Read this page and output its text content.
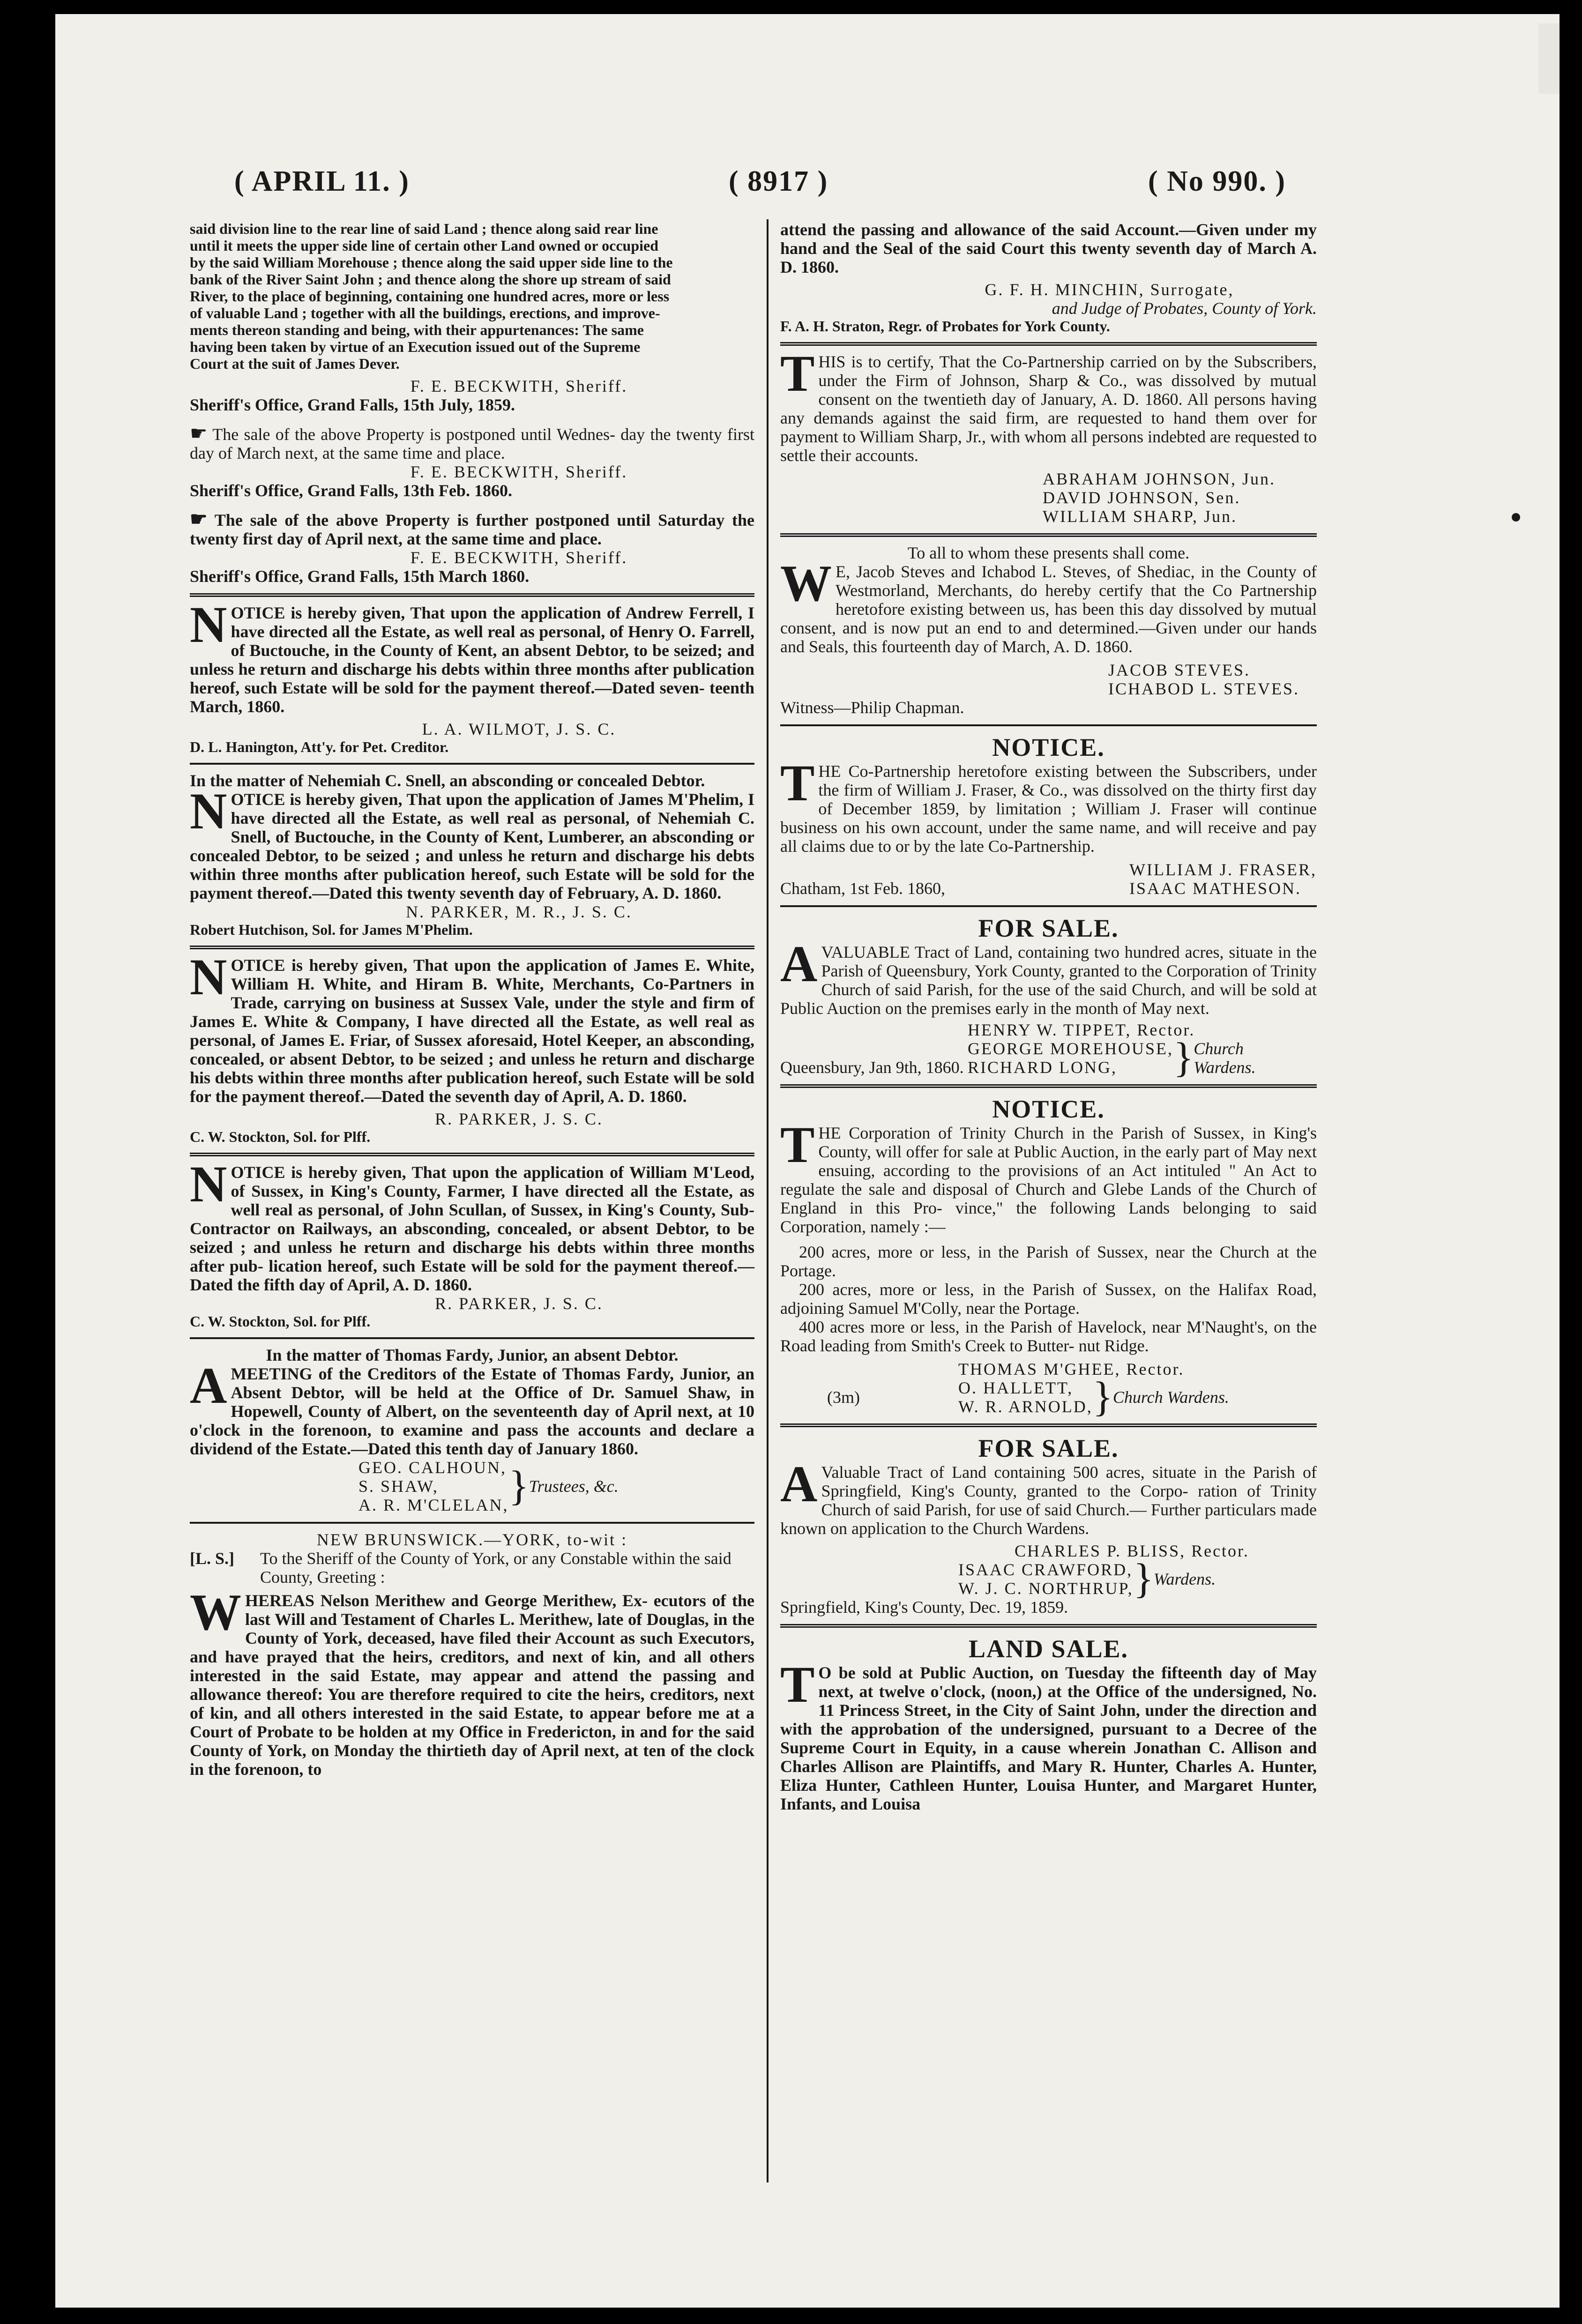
( APRIL 11. )	( 8917 )	( No 990. )
said division line to the rear line of said Land ; thence along said rear line
until it meets the upper side line of certain other Land owned or occupied
by the said William Morehouse ; thence along the said upper side line to the
bank of the River Saint John ; and thence along the shore up stream of said
River, to the place of beginning, containing one hundred acres, more or less
of valuable Land ; together with all the buildings, erections, and improve-
ments thereon standing and being, with their appurtenances: The same
having been taken by virtue of an Execution issued out of the Supreme
Court at the suit of James Dever.
F. E. BECKWITH, Sheriff.
Sheriff's Office, Grand Falls, 15th July, 1859.

☛ The sale of the above Property is postponed until Wednes- day the twenty first day of March next, at the same time and place.

F. E. BECKWITH, Sheriff.
Sheriff's Office, Grand Falls, 13th Feb. 1860.

☛ The sale of the above Property is further postponed until Saturday the twenty first day of April next, at the same time and place.

F. E. BECKWITH, Sheriff.
Sheriff's Office, Grand Falls, 15th March 1860.

NOTICE is hereby given, That upon the application of Andrew Ferrell, I have directed all the Estate, as well real as personal, of Henry O. Farrell, of Buctouche, in the County of Kent, an absent Debtor, to be seized; and unless he return and discharge his debts within three months after publication hereof, such Estate will be sold for the payment thereof.—Dated seven- teenth March, 1860.

L. A. WILMOT, J. S. C.
D. L. Hanington, Att'y. for Pet. Creditor.

In the matter of Nehemiah C. Snell, an absconding or concealed Debtor.

NOTICE is hereby given, That upon the application of James M'Phelim, I have directed all the Estate, as well real as personal, of Nehemiah C. Snell, of Buctouche, in the County of Kent, Lumberer, an absconding or concealed Debtor, to be seized ; and unless he return and discharge his debts within three months after publication hereof, such Estate will be sold for the payment thereof.—Dated this twenty seventh day of February, A. D. 1860.

N. PARKER, M. R., J. S. C.
Robert Hutchison, Sol. for James M'Phelim.

NOTICE is hereby given, That upon the application of James E. White, William H. White, and Hiram B. White, Merchants, Co-Partners in Trade, carrying on business at Sussex Vale, under the style and firm of James E. White & Company, I have directed all the Estate, as well real as personal, of James E. Friar, of Sussex aforesaid, Hotel Keeper, an absconding, concealed, or absent Debtor, to be seized ; and unless he return and discharge his debts within three months after publication hereof, such Estate will be sold for the payment thereof.—Dated the seventh day of April, A. D. 1860.

R. PARKER, J. S. C.
C. W. Stockton, Sol. for Plff.

NOTICE is hereby given, That upon the application of William M'Leod, of Sussex, in King's County, Farmer, I have directed all the Estate, as well real as personal, of John Scullan, of Sussex, in King's County, Sub-Contractor on Railways, an absconding, concealed, or absent Debtor, to be seized ; and unless he return and discharge his debts within three months after pub- lication hereof, such Estate will be sold for the payment thereof.— Dated the fifth day of April, A. D. 1860.

R. PARKER, J. S. C.
C. W. Stockton, Sol. for Plff.

In the matter of Thomas Fardy, Junior, an absent Debtor.

AMEETING of the Creditors of the Estate of Thomas Fardy, Junior, an Absent Debtor, will be held at the Office of Dr. Samuel Shaw, in Hopewell, County of Albert, on the seventeenth day of April next, at 10 o'clock in the forenoon, to examine and pass the accounts and declare a dividend of the Estate.—Dated this tenth day of January 1860.

GEO. CALHOUN,
S. SHAW,
A. R. M'CLELAN, } Trustees, &c.

NEW BRUNSWICK.—YORK, to-wit :

[L. S.]	To the Sheriff of the County of York, or any Constable within the said County, Greeting :

WHEREAS Nelson Merithew and George Merithew, Ex- ecutors of the last Will and Testament of Charles L. Merithew, late of Douglas, in the County of York, deceased, have filed their Account as such Executors, and have prayed that the heirs, creditors, and next of kin, and all others interested in the said Estate, may appear and attend the passing and allowance thereof: You are therefore required to cite the heirs, creditors, next of kin, and all others interested in the said Estate, to appear before me at a Court of Probate to be holden at my Office in Fredericton, in and for the said County of York, on Monday the thirtieth day of April next, at ten of the clock in the forenoon, to

attend the passing and allowance of the said Account.—Given under my hand and the Seal of the said Court this twenty seventh day of March A. D. 1860.

G. F. H. MINCHIN, Surrogate,
and Judge of Probates, County of York.
F. A. H. Straton, Regr. of Probates for York County.

THIS is to certify, That the Co-Partnership carried on by the Subscribers, under the Firm of Johnson, Sharp & Co., was dissolved by mutual consent on the twentieth day of January, A. D. 1860. All persons having any demands against the said firm, are requested to hand them over for payment to William Sharp, Jr., with whom all persons indebted are requested to settle their accounts.

ABRAHAM JOHNSON, Jun.
DAVID JOHNSON, Sen.
WILLIAM SHARP, Jun.

To all to whom these presents shall come.

W E, Jacob Steves and Ichabod L. Steves, of Shediac, in the County of Westmorland, Merchants, do hereby certify that the Co Partnership heretofore existing between us, has been this day dissolved by mutual consent, and is now put an end to and determined.—Given under our hands and Seals, this fourteenth day of March, A. D. 1860.

JACOB STEVES.
ICHABOD L. STEVES.
Witness—Philip Chapman.
NOTICE.

THE Co-Partnership heretofore existing between the Subscribers, under the firm of William J. Fraser, & Co., was dissolved on the thirty first day of December 1859, by limitation ; William J. Fraser will continue business on his own account, under the same name, and will receive and pay all claims due to or by the late Co-Partnership.

Chatham, 1st Feb. 1860,
WILLIAM J. FRASER,
ISAAC MATHESON.
FOR SALE.

AVALUABLE Tract of Land, containing two hundred acres, situate in the Parish of Queensbury, York County, granted to the Corporation of Trinity Church of said Parish, for the use of the said Church, and will be sold at Public Auction on the premises early in the month of May next.

HENRY W. TIPPET, Rector.
GEORGE MOREHOUSE,
RICHARD LONG,	} Church
Wardens.
Queensbury, Jan 9th, 1860.
NOTICE.

THE Corporation of Trinity Church in the Parish of Sussex, in King's County, will offer for sale at Public Auction, in the early part of May next ensuing, according to the provisions of an Act intituled " An Act to regulate the sale and disposal of Church and Glebe Lands of the Church of England in this Pro- vince," the following Lands belonging to said Corporation, namely :—

200 acres, more or less, in the Parish of Sussex, near the Church at the Portage.

200 acres, more or less, in the Parish of Sussex, on the Halifax Road, adjoining Samuel M'Colly, near the Portage.

400 acres more or less, in the Parish of Havelock, near M'Naught's, on the Road leading from Smith's Creek to Butter- nut Ridge.

THOMAS M'GHEE, Rector.
(3m)	O. HALLETT,
W. R. ARNOLD, } Church Wardens.
FOR SALE.

A Valuable Tract of Land containing 500 acres, situate in the Parish of Springfield, King's County, granted to the Corpo- ration of Trinity Church of said Parish, for use of said Church.— Further particulars made known on application to the Church Wardens.

CHARLES P. BLISS, Rector.
ISAAC CRAWFORD,
W. J. C. NORTHRUP, } Wardens.
Springfield, King's County, Dec. 19, 1859.
LAND SALE.

T O be sold at Public Auction, on Tuesday the fifteenth day of May next, at twelve o'clock, (noon,) at the Office of the undersigned, No. 11 Princess Street, in the City of Saint John, under the direction and with the approbation of the undersigned, pursuant to a Decree of the Supreme Court in Equity, in a cause wherein Jonathan C. Allison and Charles Allison are Plaintiffs, and Mary R. Hunter, Charles A. Hunter, Eliza Hunter, Cathleen Hunter, Louisa Hunter, and Margaret Hunter, Infants, and Louisa
